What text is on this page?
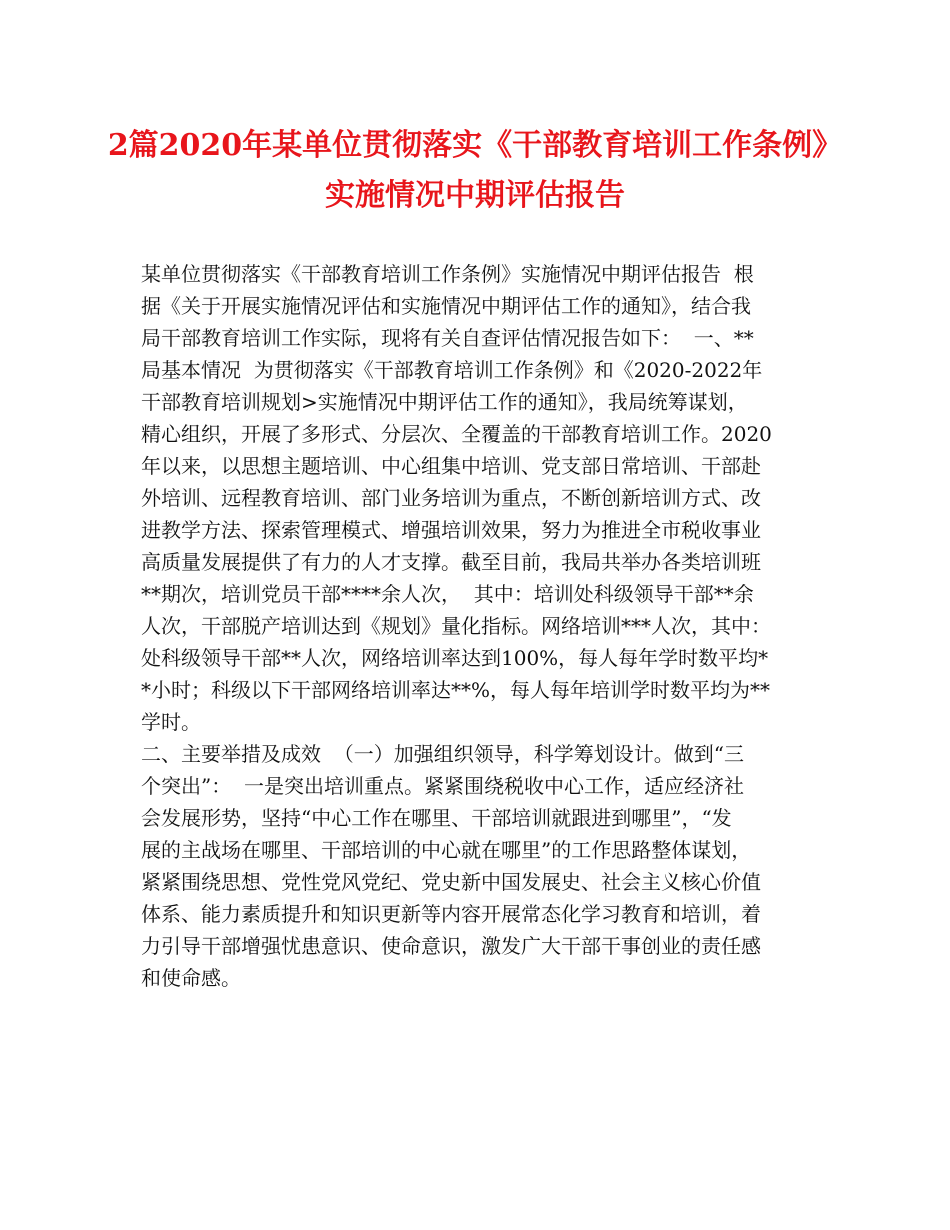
2篇2020年某单位贯彻落实《干部教育培训工作条例》
实施情况中期评估报告
某单位贯彻落实《干部教育培训工作条例》实施情况中期评估报告  根
据《关于开展实施情况评估和实施情况中期评估工作的通知》，结合我
局干部教育培训工作实际，现将有关自查评估情况报告如下：  一、**
局基本情况  为贯彻落实《干部教育培训工作条例》和《2020-2022年
干部教育培训规划>实施情况中期评估工作的通知》，我局统筹谋划，
精心组织，开展了多形式、分层次、全覆盖的干部教育培训工作。2020
年以来，以思想主题培训、中心组集中培训、党支部日常培训、干部赴
外培训、远程教育培训、部门业务培训为重点，不断创新培训方式、改
进教学方法、探索管理模式、增强培训效果，努力为推进全市税收事业
高质量发展提供了有力的人才支撑。截至目前，我局共举办各类培训班
**期次，培训党员干部****余人次，  其中：培训处科级领导干部**余
人次，干部脱产培训达到《规划》量化指标。网络培训***人次，其中：
处科级领导干部**人次，网络培训率达到100%，每人每年学时数平均*
*小时；科级以下干部网络培训率达**%，每人每年培训学时数平均为**
学时。
二、主要举措及成效  （一）加强组织领导，科学筹划设计。做到“三
个突出”：  一是突出培训重点。紧紧围绕税收中心工作，适应经济社
会发展形势，坚持“中心工作在哪里、干部培训就跟进到哪里”，“发
展的主战场在哪里、干部培训的中心就在哪里”的工作思路整体谋划，
紧紧围绕思想、党性党风党纪、党史新中国发展史、社会主义核心价值
体系、能力素质提升和知识更新等内容开展常态化学习教育和培训，着
力引导干部增强忧患意识、使命意识，激发广大干部干事创业的责任感
和使命感。
